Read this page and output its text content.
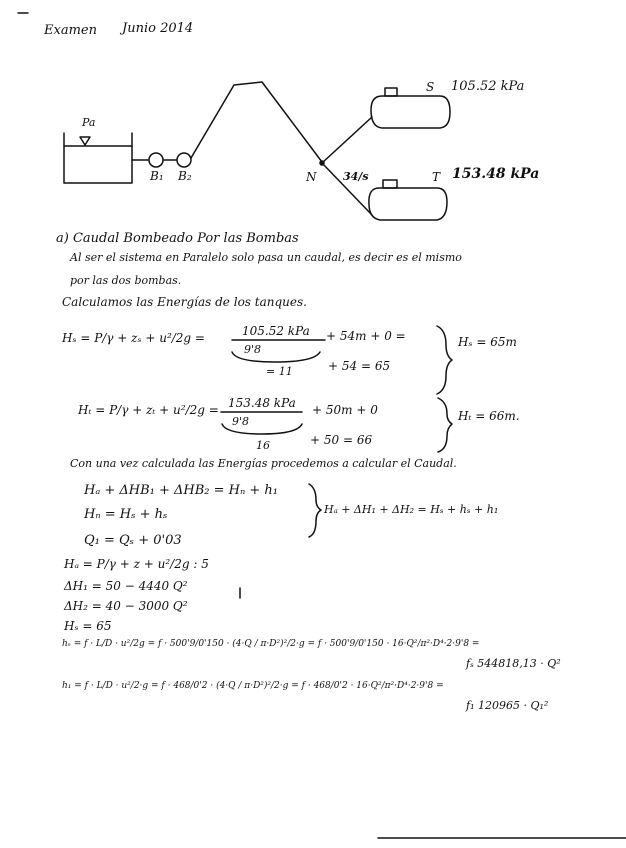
Examen Junio 2014
Pa
B₁ B₂	N 34/s
S 105.52 kPa
T 153.48 kPa
a) Caudal Bombeado Por las Bombas
Al ser el sistema en Paralelo solo pasa un caudal, es decir es el mismo
por las dos bombas.
Calculamos las Energías de los tanques.
Hₛ = P/γ + zₛ + u²/2g =	105.52 kPa + 54m + 0 =
9'8
= 11	+ 54 = 65
Hₛ = 65m
Hₜ = P/γ + zₜ + u²/2g = 153.48 kPa + 50m + 0
9'8
16	+ 50 = 66
Hₜ = 66m.
Con una vez calculada las Energías procedemos a calcular el Caudal.
Hₐ + ΔHB₁ + ΔHB₂ = Hₙ + h₁
Hₙ = Hₛ + hₛ
Q₁ = Qₛ + 0'03
Hₐ + ΔH₁ + ΔH₂ = Hₛ + hₛ + h₁
Hₐ = P/γ + z + u²/2g : 5
ΔH₁ = 50 − 4440 Q²
ΔH₂ = 40 − 3000 Q²
Hₛ = 65
hₛ = f · L/D · u²/2g = f · 500'9/0'150 · (4·Q / π·D²)²/2·g = f · 500'9/0'150 · 16·Q²/π²·D⁴·2·9'8 =
fₛ 544818,13 · Q²
h₁ = f · L/D · u²/2·g = f · 468/0'2 · (4·Q / π·D²)²/2·g = f · 468/0'2 · 16·Q²/π²·D⁴·2·9'8 =
f₁ 120965 · Q₁²
